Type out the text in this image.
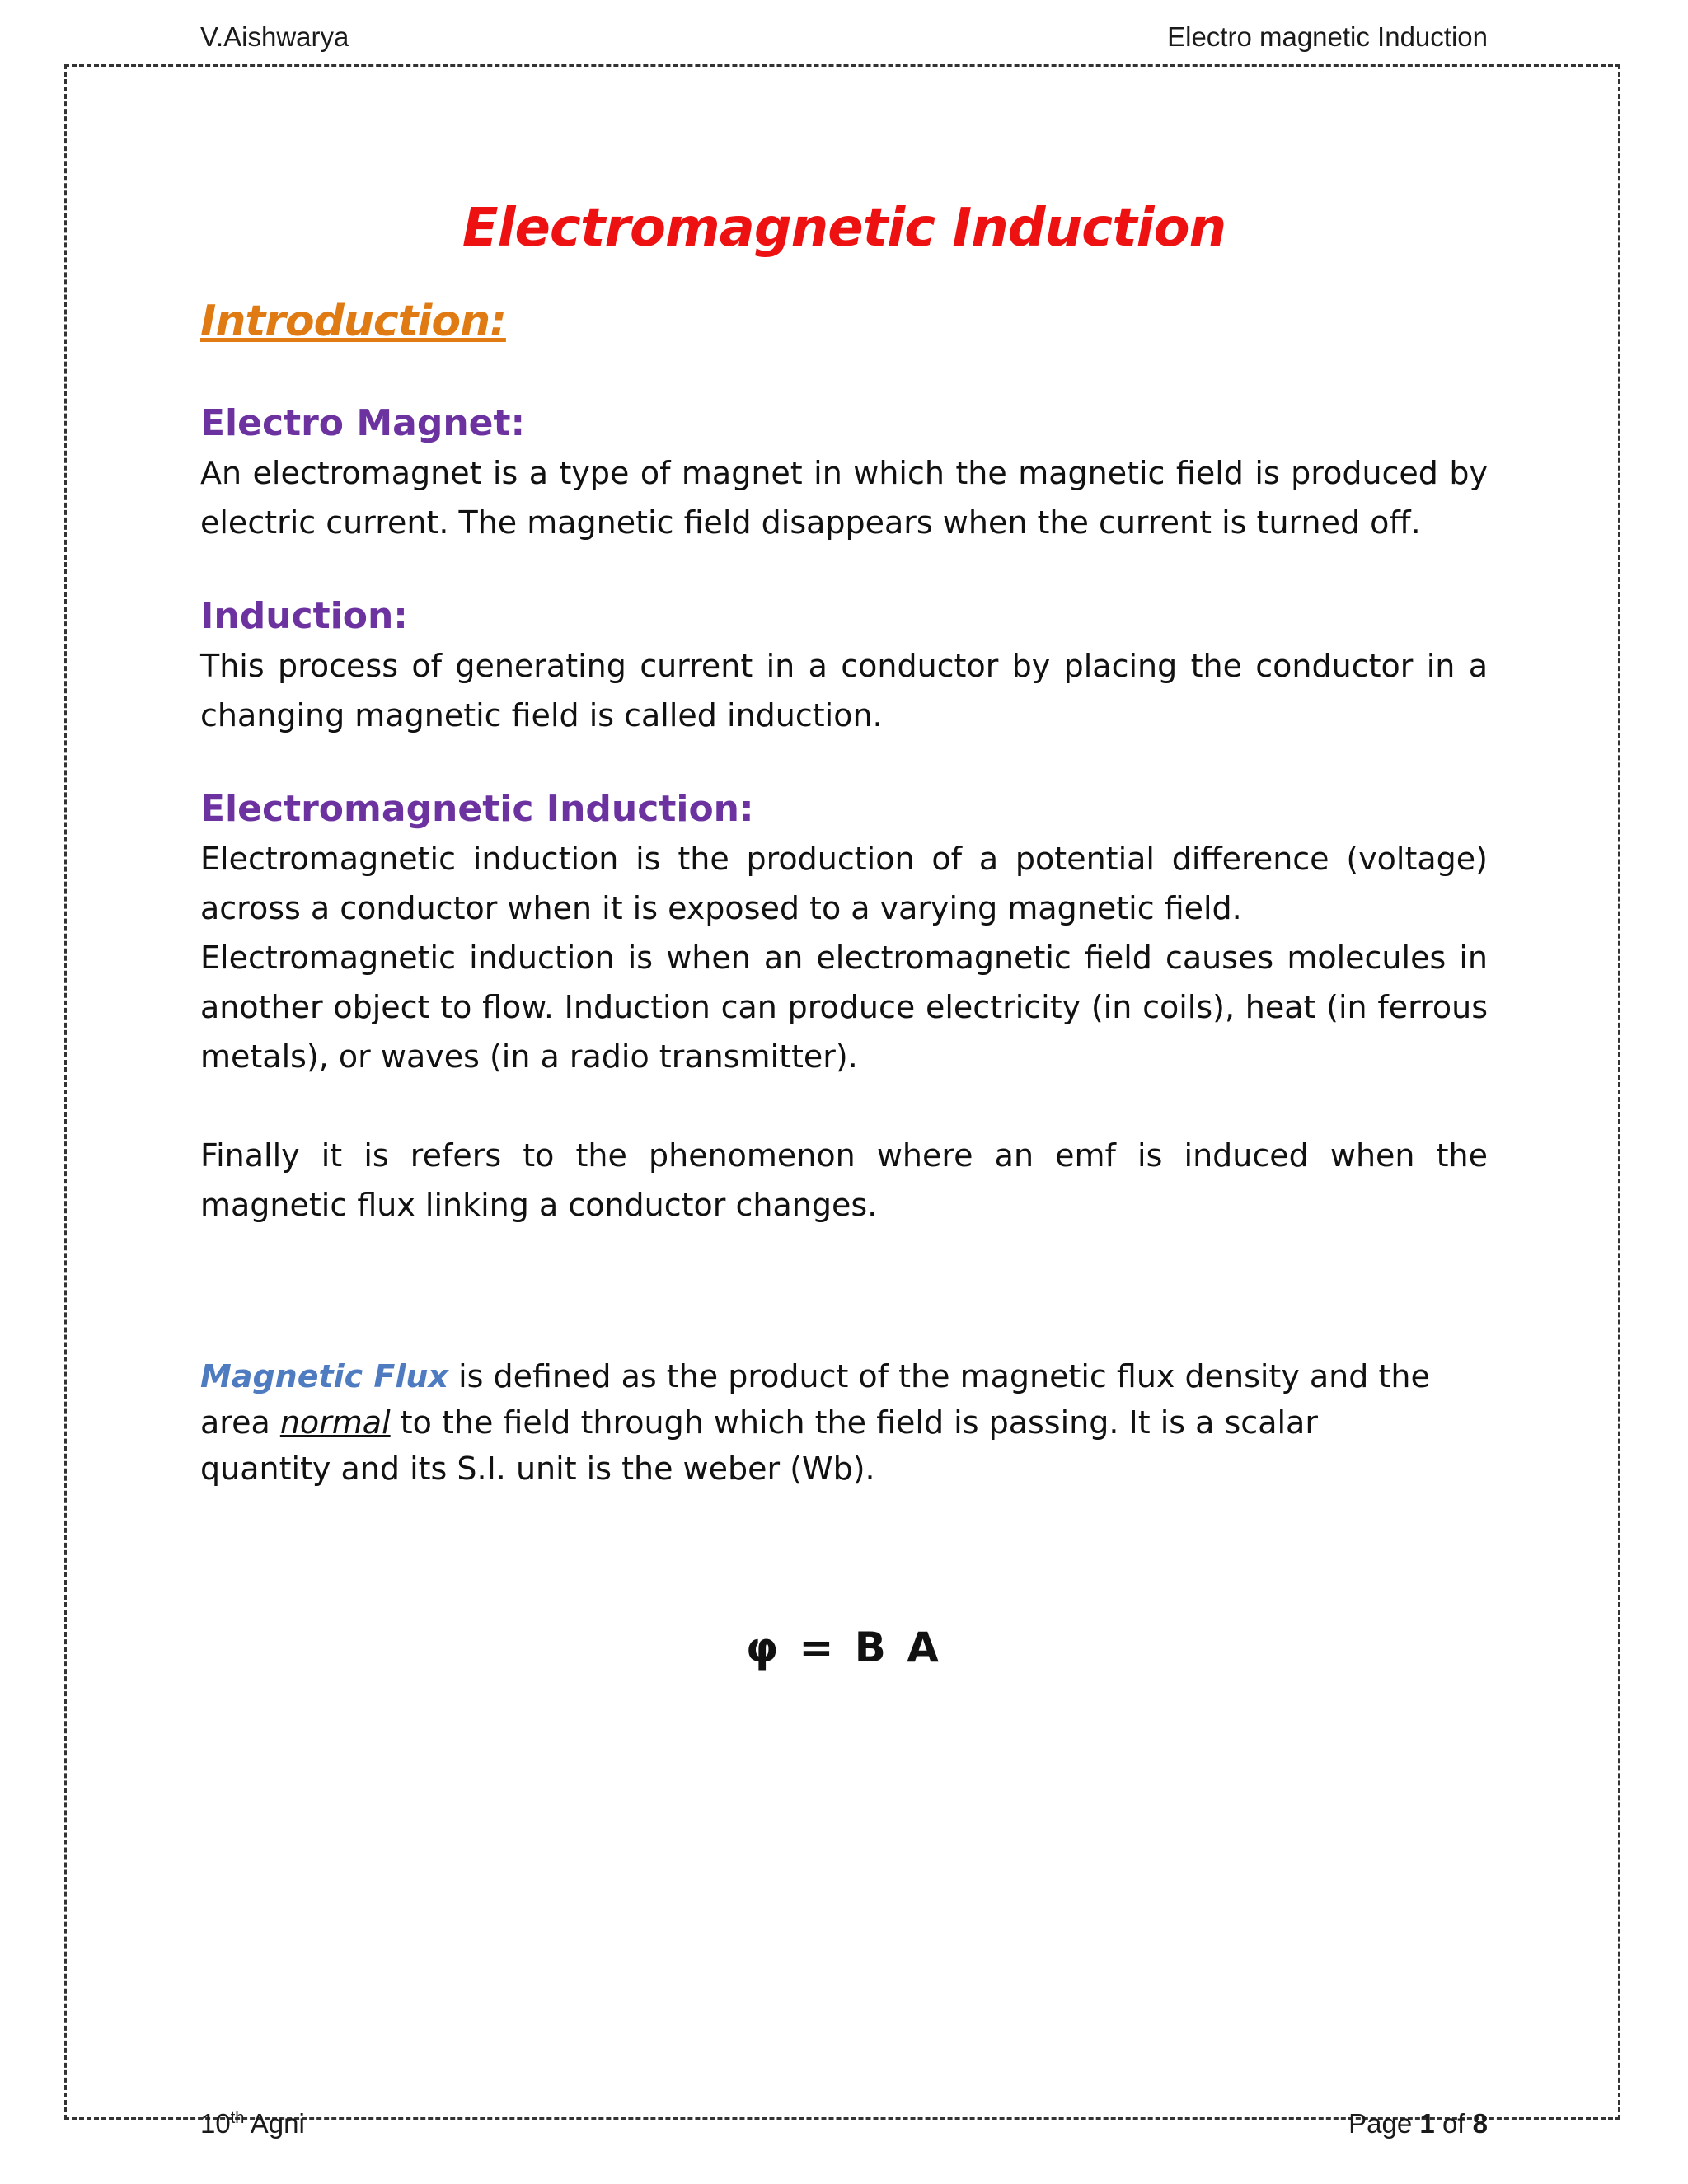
V.Aishwarya	Electro magnetic Induction
Electromagnetic Induction
Introduction:
Electro Magnet:

An electromagnet is a type of magnet in which the magnetic field is produced by electric current. The magnetic field disappears when the current is turned off.

Induction:

This process of generating current in a conductor by placing the conductor in a changing magnetic field is called induction.

Electromagnetic Induction:

Electromagnetic induction is the production of a potential difference (voltage) across a conductor when it is exposed to a varying magnetic field.

Electromagnetic induction is when an electromagnetic field causes molecules in another object to flow. Induction can produce electricity (in coils), heat (in ferrous metals), or waves (in a radio transmitter).

Finally it is refers to the phenomenon where an emf is induced when the magnetic flux linking a conductor changes.

Magnetic Flux is defined as the product of the magnetic flux density and the area normal to the field through which the field is passing. It is a scalar quantity and its S.I. unit is the weber (Wb).

φ = B A
10th Agni	Page 1 of 8
